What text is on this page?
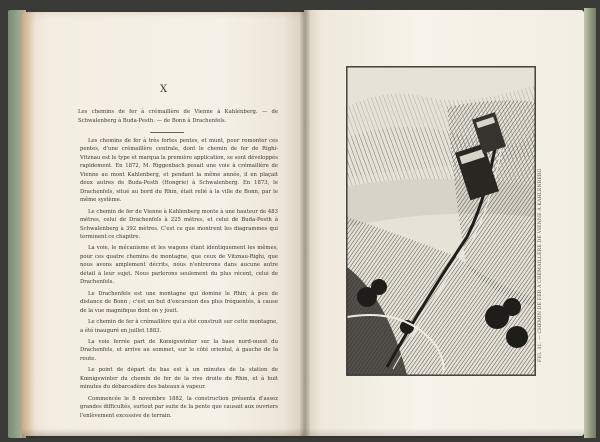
X
Les chemins de fer à crémaillère de Vienne à Kahlenberg. — de Schwalenberg à Buda-Pesth. — de Bonn à Drachenfels.

Les chemins de fer à très fortes pentes, et munt, pour remonter ces pentes, d'une crémaillère centrale, dont le chemin de fer de Righi-Vitznau est le type et marqua la première application, se sont développés rapidement. En 1872, M. Riggenbach posait une voie à crémaillère de Vienne au mont Kahlenberg, et pendant la même année, il en plaçait deux autres de Buda-Pesth (Hongrie) à Schwalenberg. En 1873, le Drachenfels, situé au bord du Rhin, était relié à la ville de Bonn, par le même système.

Le chemin de fer de Vienne à Kahlenberg monte à une hauteur de 483 mètres, celui de Drachenfels à 225 mètres, et celui de Buda-Pesth à Schwalenberg à 392 mètres. C'est ce que montrent les diagrammes qui terminent ce chapitre.

La voie, le mécanisme et les wagons étant identiquement les mêmes, pour ces quatre chemins de montagne, que ceux de Vitznau-Righi, que nous avons amplement décrits, nous n'entrerons dans aucune autre détail à leur sujet. Nous parlerons seulement du plus récent, celui de Drachenfels.

Le Drachenfels est une montagne qui domine le Rhin, à peu de distance de Bonn ; c'est un but d'excursion des plus fréquentés, à cause de la vue magnifique dont on y jouit.

Le chemin de fer à crémaillère qui a été construit sur cette montagne, a été inauguré en juillet 1883.

La voie ferrée part de Kœnigswinter sur la base nord-ouest du Drachenfels, et arrive au sommet, sur le côté oriental, à gauche de la route.

Le point de départ du bas est à un minutes de la station de Kœnigswinter du chemin de fer de la rive droite du Rhin, et à huit minutes du débarcadère des bateaux à vapeur.

Commencée le 8 novembre 1882, la construction présenta d'assez grandes difficultés, surtout par suite de la pente que causait aux ouvriers l'enlèvement excessive de terrain.

FIG. 31. — CHEMIN DE FER À CRÉMAILLÈRE DE VIENNE À KAHLENBERG
